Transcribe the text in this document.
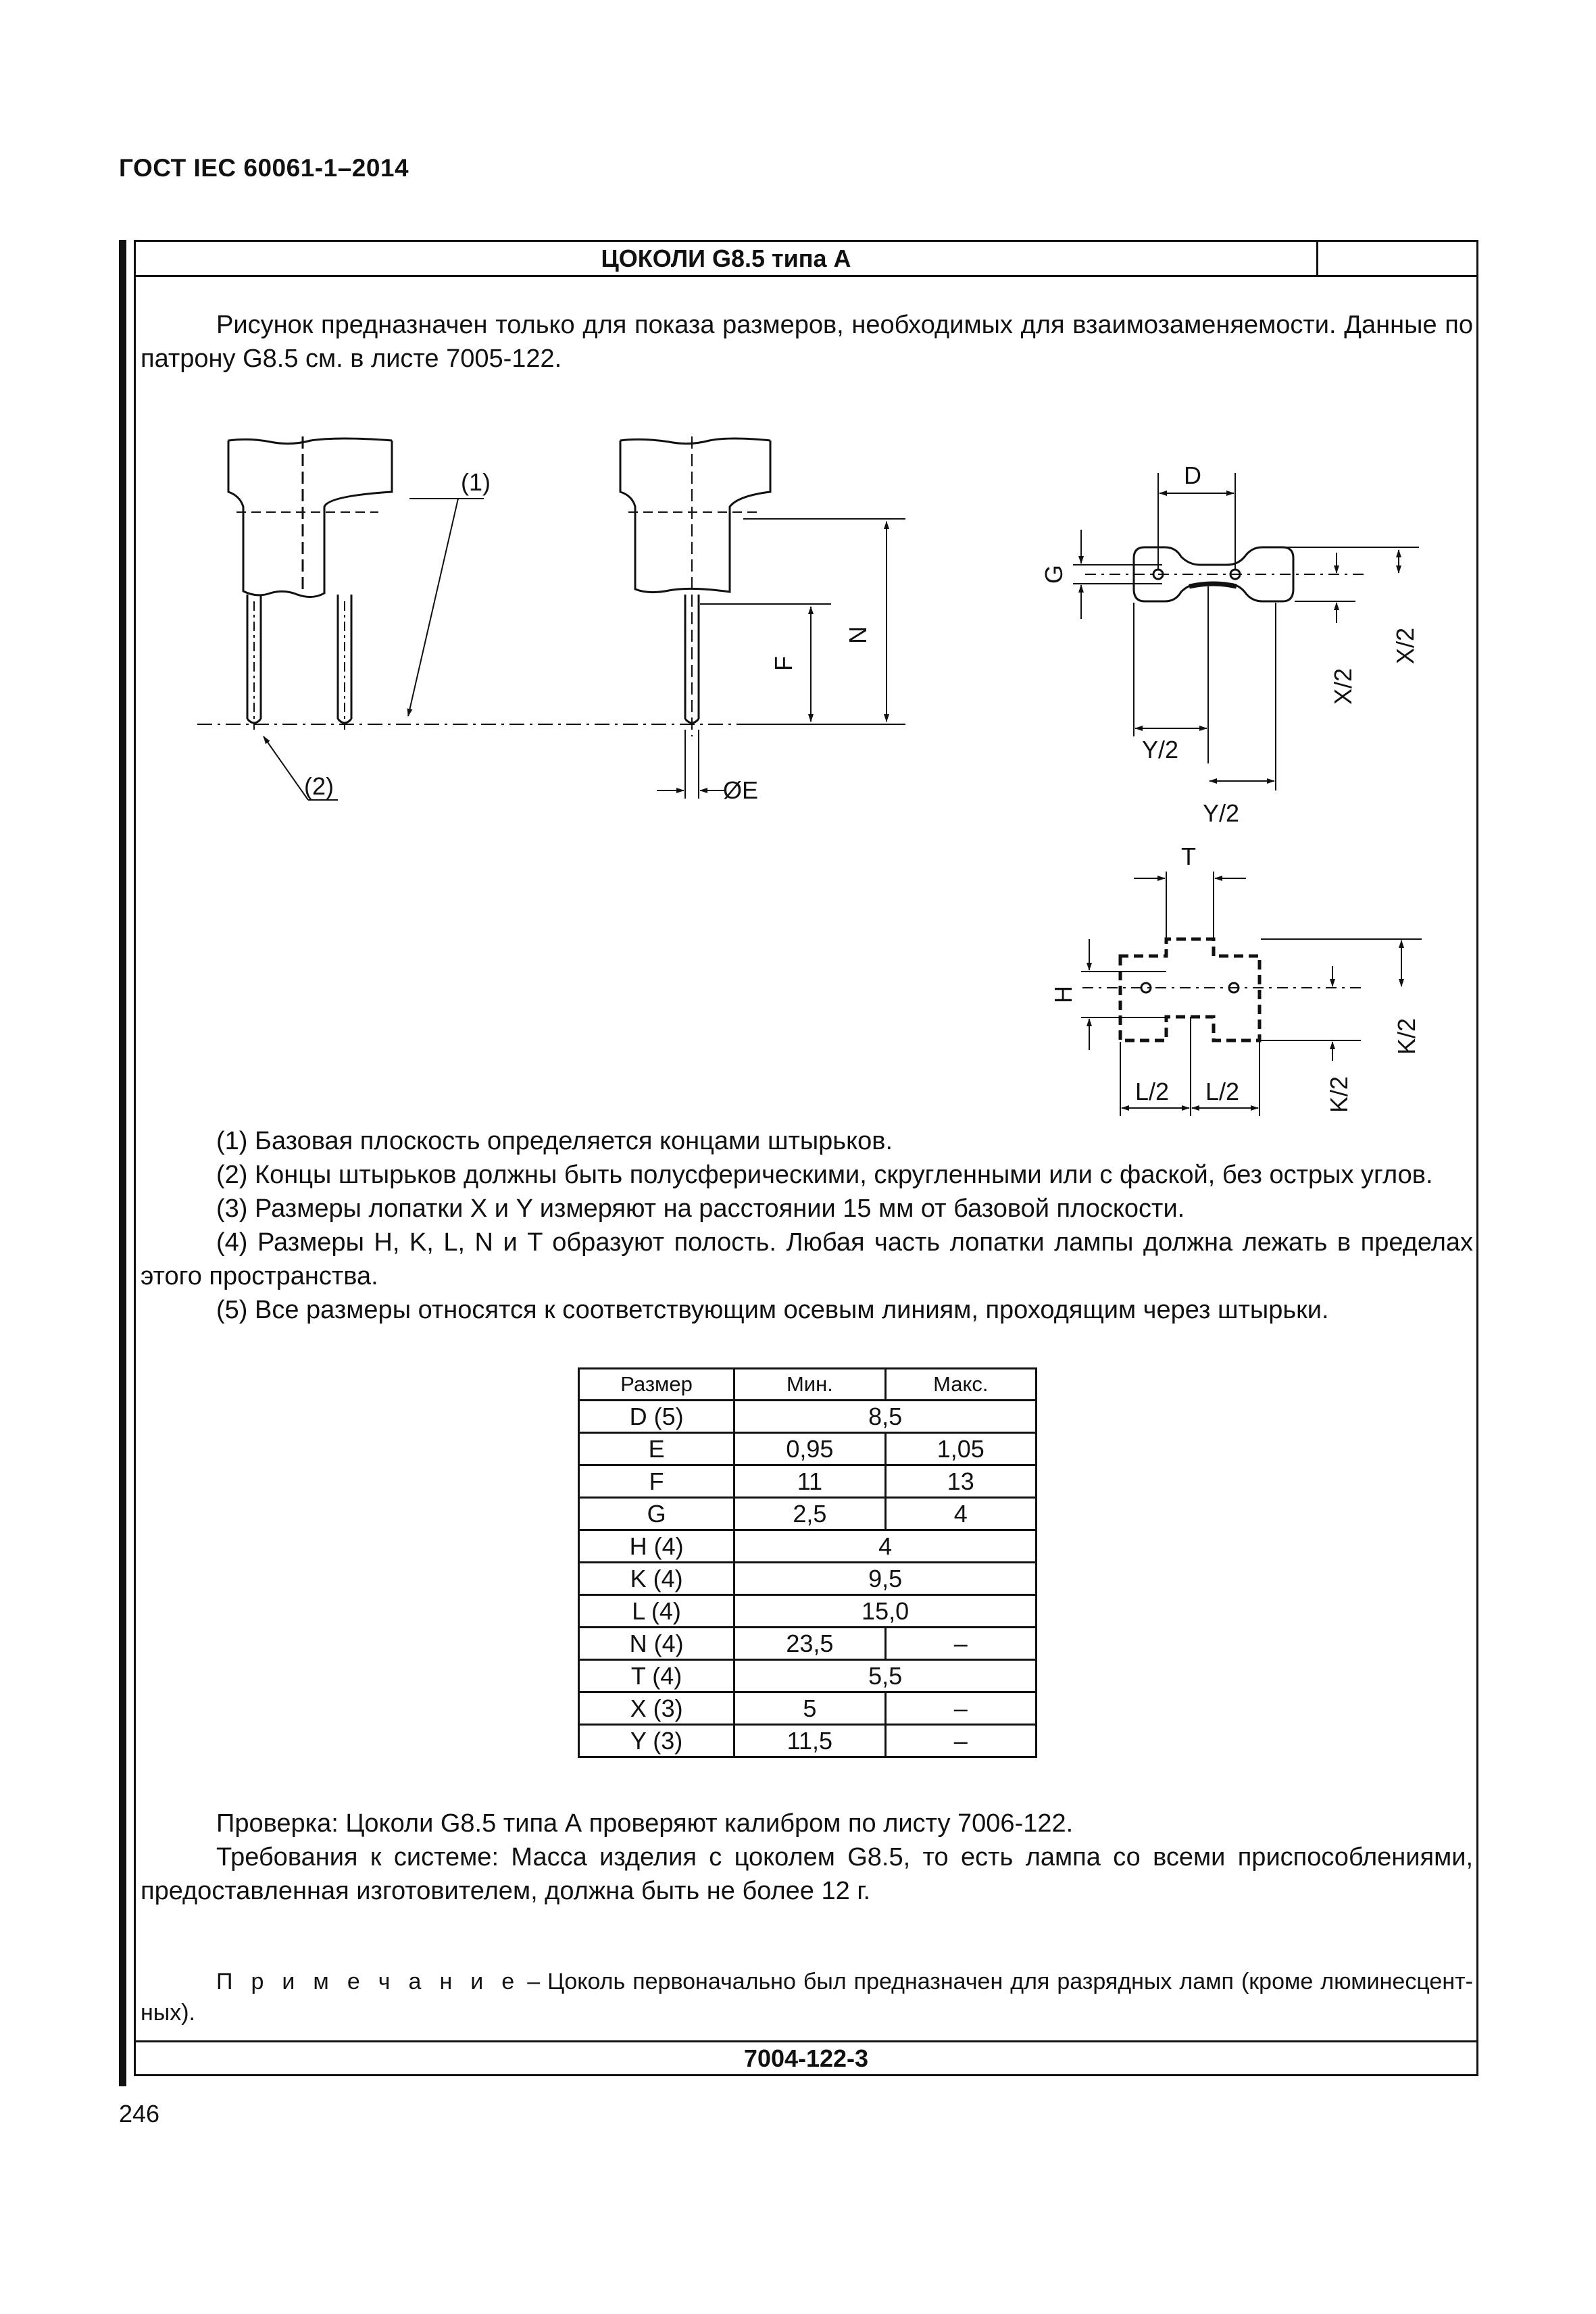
ГОСТ IEC 60061-1–2014
ЦОКОЛИ G8.5 типа А
Рисунок предназначен только для показа размеров, необходимых для взаимозаменяемости. Данные по патрону G8.5 см. в листе 7005-122.
(1)
(2)
N
F
ØE
D
G
X/2
X/2
Y/2
Y/2
T
H
K/2
K/2
L/2 L/2

(1) Базовая плоскость определяется концами штырьков.

(2) Концы штырьков должны быть полусферическими, скругленными или с фаской, без острых углов.

(3) Размеры лопатки X и Y измеряют на расстоянии 15 мм от базовой плоскости.

(4) Размеры H, K, L, N и T образуют полость. Любая часть лопатки лампы должна лежать в пределах этого пространства.

(5) Все размеры относятся к соответствующим осевым линиям, проходящим через штырьки.

Размер	Мин.	Макс.
D (5)	8,5	
E	0,95	1,05
F	11	13
G	2,5	4
H (4)	4	
K (4)	9,5	
L (4)	15,0	
N (4)	23,5	–
T (4)	5,5	
X (3)	5	–
Y (3)	11,5	–

Проверка: Цоколи G8.5 типа А проверяют калибром по листу 7006-122.

Требования к системе: Масса изделия с цоколем G8.5, то есть лампа со всеми приспособлениями, предоставленная изготовителем, должна быть не более 12 г.

П р и м е ч а н и е – Цоколь первоначально был предназначен для разрядных ламп (кроме люминесцентных).
7004-122-3
246
